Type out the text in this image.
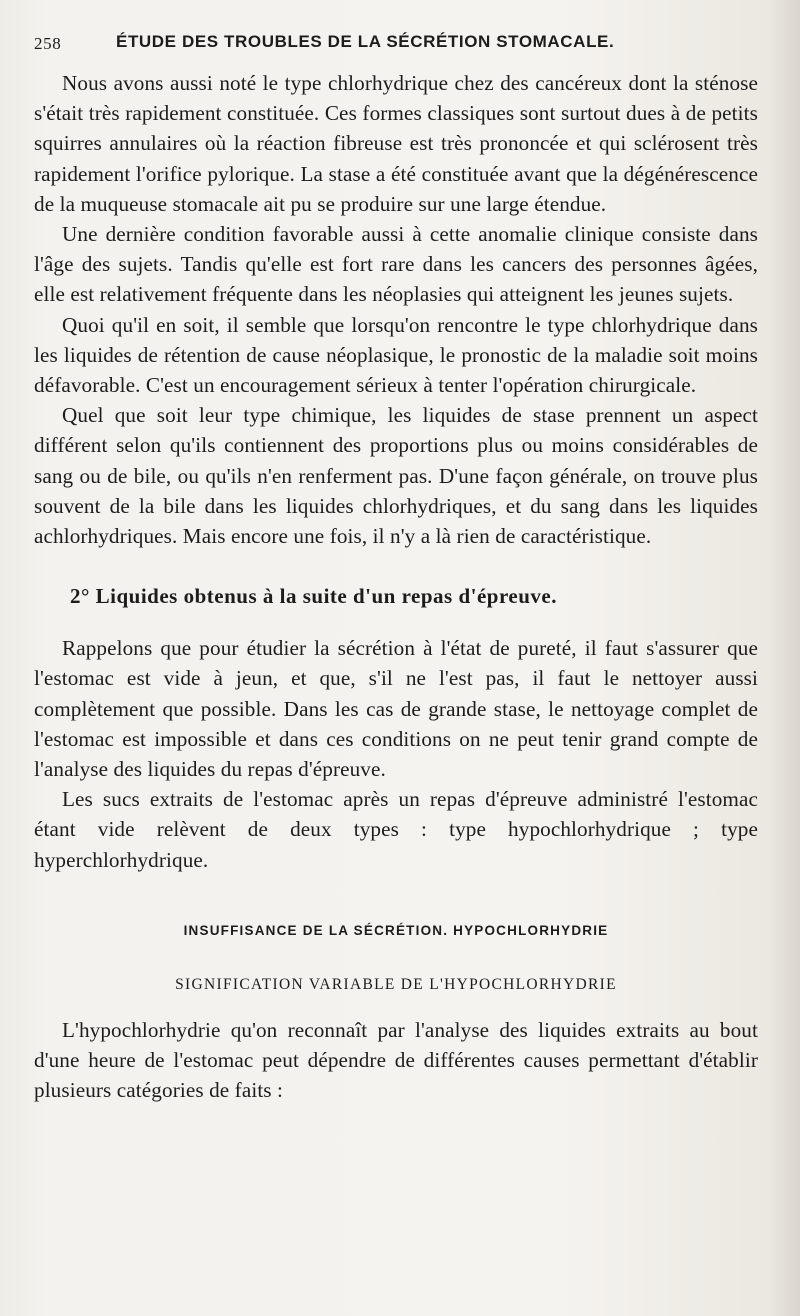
258	ÉTUDE DES TROUBLES DE LA SÉCRÉTION STOMACALE.

Nous avons aussi noté le type chlorhydrique chez des cancéreux dont la sténose s'était très rapidement constituée. Ces formes classiques sont surtout dues à de petits squirres annulaires où la réaction fibreuse est très prononcée et qui sclérosent très rapidement l'orifice pylorique. La stase a été constituée avant que la dégénérescence de la muqueuse stomacale ait pu se produire sur une large étendue.

Une dernière condition favorable aussi à cette anomalie clinique consiste dans l'âge des sujets. Tandis qu'elle est fort rare dans les cancers des personnes âgées, elle est relativement fréquente dans les néoplasies qui atteignent les jeunes sujets.

Quoi qu'il en soit, il semble que lorsqu'on rencontre le type chlorhydrique dans les liquides de rétention de cause néoplasique, le pronostic de la maladie soit moins défavorable. C'est un encouragement sérieux à tenter l'opération chirurgicale.

Quel que soit leur type chimique, les liquides de stase prennent un aspect différent selon qu'ils contiennent des proportions plus ou moins considérables de sang ou de bile, ou qu'ils n'en renferment pas. D'une façon générale, on trouve plus souvent de la bile dans les liquides chlorhydriques, et du sang dans les liquides achlorhydriques. Mais encore une fois, il n'y a là rien de caractéristique.

2° Liquides obtenus à la suite d'un repas d'épreuve.

Rappelons que pour étudier la sécrétion à l'état de pureté, il faut s'assurer que l'estomac est vide à jeun, et que, s'il ne l'est pas, il faut le nettoyer aussi complètement que possible. Dans les cas de grande stase, le nettoyage complet de l'estomac est impossible et dans ces conditions on ne peut tenir grand compte de l'analyse des liquides du repas d'épreuve.

Les sucs extraits de l'estomac après un repas d'épreuve administré l'estomac étant vide relèvent de deux types : type hypochlorhydrique ; type hyperchlorhydrique.

INSUFFISANCE DE LA SÉCRÉTION. HYPOCHLORHYDRIE
SIGNIFICATION VARIABLE DE L'HYPOCHLORHYDRIE

L'hypochlorhydrie qu'on reconnaît par l'analyse des liquides extraits au bout d'une heure de l'estomac peut dépendre de différentes causes permettant d'établir plusieurs catégories de faits :
